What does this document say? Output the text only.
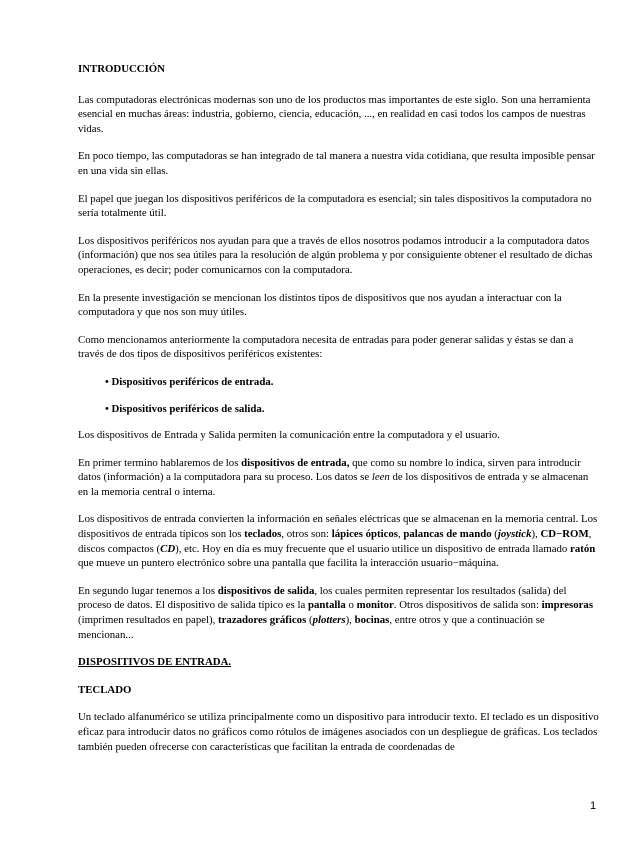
INTRODUCCIÓN

Las computadoras electrónicas modernas son uno de los productos mas importantes de este siglo. Son una herramienta esencial en muchas áreas: industria, gobierno, ciencia, educación, ..., en realidad en casi todos los campos de nuestras vidas.

En poco tiempo, las computadoras se han integrado de tal manera a nuestra vida cotidiana, que resulta imposible pensar en una vida sin ellas.

El papel que juegan los dispositivos periféricos de la computadora es esencial; sin tales dispositivos la computadora no sería totalmente útil.

Los dispositivos periféricos nos ayudan para que a través de ellos nosotros podamos introducir a la computadora datos (información) que nos sea útiles para la resolución de algún problema y por consiguiente obtener el resultado de dichas operaciones, es decir; poder comunicarnos con la computadora.

En la presente investigación se mencionan los distintos tipos de dispositivos que nos ayudan a interactuar con la computadora y que nos son muy útiles.

Como mencionamos anteriormente la computadora necesita de entradas para poder generar salidas y éstas se dan a través de dos tipos de dispositivos periféricos existentes:

• Dispositivos periféricos de entrada.
• Dispositivos periféricos de salida.

Los dispositivos de Entrada y Salida permiten la comunicación entre la computadora y el usuario.

En primer termino hablaremos de los dispositivos de entrada, que como su nombre lo indica, sirven para introducir datos (información) a la computadora para su proceso. Los datos se leen de los dispositivos de entrada y se almacenan en la memoria central o interna.

Los dispositivos de entrada convierten la información en señales eléctricas que se almacenan en la memoria central. Los dispositivos de entrada típicos son los teclados, otros son: lápices ópticos, palancas de mando (joystick), CD−ROM, discos compactos (CD), etc. Hoy en día es muy frecuente que el usuario utilice un dispositivo de entrada llamado ratón que mueve un puntero electrónico sobre una pantalla que facilita la interacción usuario−máquina.

En segundo lugar tenemos a los dispositivos de salida, los cuales permiten representar los resultados (salida) del proceso de datos. El dispositivo de salida típico es la pantalla o monitor. Otros dispositivos de salida son: impresoras (imprimen resultados en papel), trazadores gráficos (plotters), bocinas, entre otros y que a continuación se mencionan...

DISPOSITIVOS DE ENTRADA.
TECLADO

Un teclado alfanumérico se utiliza principalmente como un dispositivo para introducir texto. El teclado es un dispositivo eficaz para introducir datos no gráficos como rótulos de imágenes asociados con un despliegue de gráficas. Los teclados también pueden ofrecerse con características que facilitan la entrada de coordenadas de

1
